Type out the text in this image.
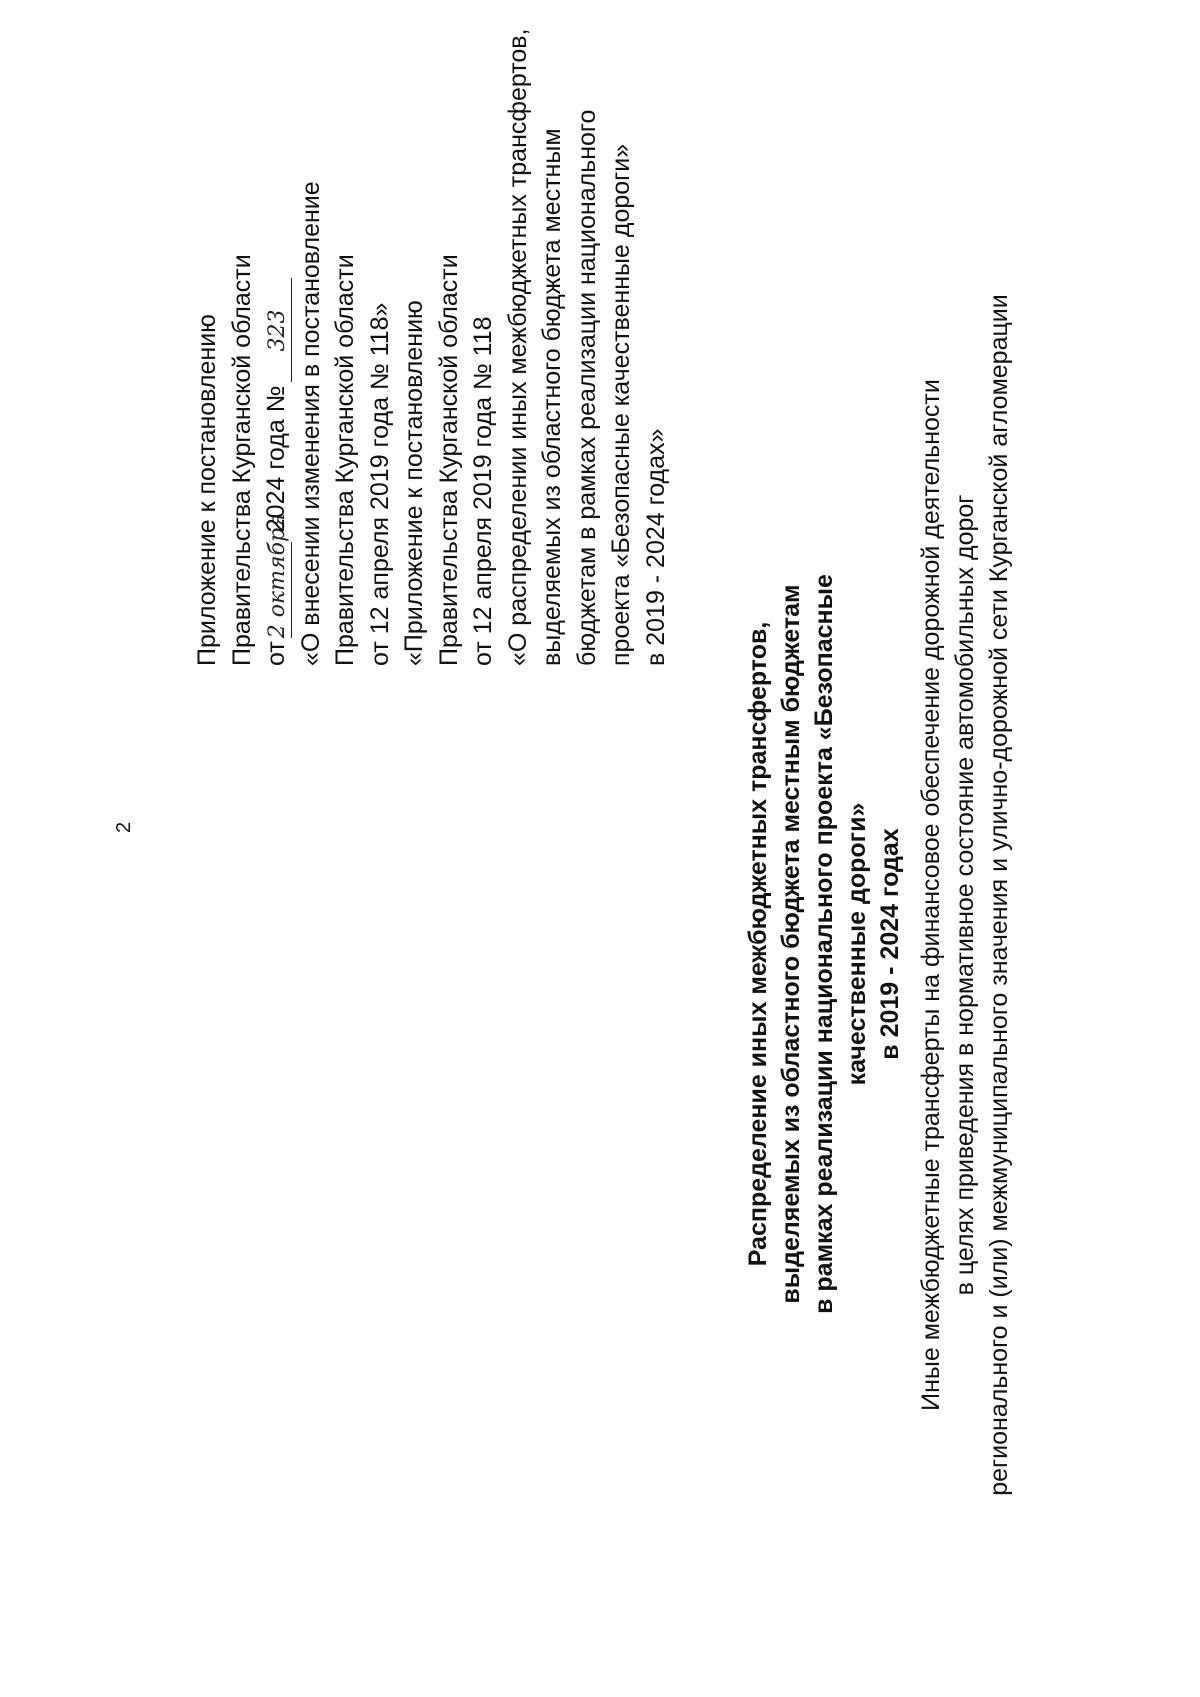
2
Приложение к постановлению Правительства Курганской области от2 октября 2024 года №323 «О внесении изменения в постановление Правительства Курганской области от 12 апреля 2019 года № 118» «Приложение к постановлению Правительства Курганской области от 12 апреля 2019 года № 118 «О распределении иных межбюджетных трансфертов, выделяемых из областного бюджета местным бюджетам в рамках реализации национального проекта «Безопасные качественные дороги» в 2019 - 2024 годах»
Распределение иных межбюджетных трансфертов, выделяемых из областного бюджета местным бюджетам в рамках реализации национального проекта «Безопасные качественные дороги» в 2019 - 2024 годах Иные межбюджетные трансферты на финансовое обеспечение дорожной деятельности в целях приведения в нормативное состояние автомобильных дорог регионального и (или) межмуниципального значения и улично-дорожной сети Курганской агломерации
